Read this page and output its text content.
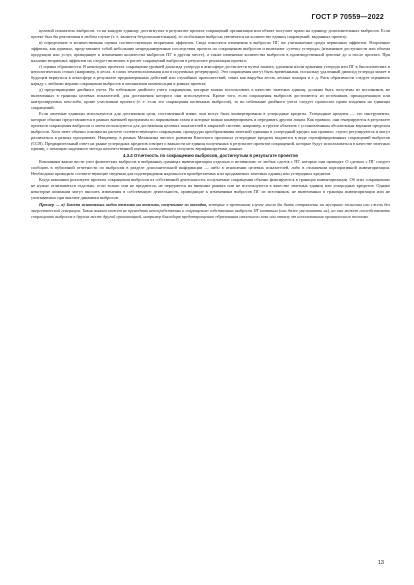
ГОСТ Р 70559—2022

целевой показатель выбросов, то на каждую единицу достигнутых в результате проекта сокращений организация или объект получает право на единицу дополнительных выбросов. Если проект был бы реализован в любом случае (т. е. является бездополнительным), то глобальные выбросы увеличатся на количество единиц сокращений, выданных проекту;

в) определение и количественная оценка соответствующих вторичных эффектов. Сюда относятся изменения в выбросах ПГ, же учитываемые среди первичных эффектов. Вторичные эффекты, как правило, представляют собой небольшие непреднамеренные последствия проекта по сокращению выбросов и включают «утечку углерода» (изменение доступности или объема продукции или услуг, приводящее к изменению количества выбросов ПГ в другом месте), а также изменение количества выбросов в производственной цепочке до и после проекта. При наличии вторичных эффектов их следует включать в расчет сокращений выбросов в результате реализации проекта;

г) оценка обратимости. В некоторых проектах сокращение уровней диоксида углерода в атмосфере достигается путем захвата, удаления и/или хранения углерода или ПГ в биологических и неиологических стоках (например, в лесах, в слоях землепользования или в подземных резервуарах). Эти сокращения могут быть временными, поскольку удаленный диоксид углерода может в будущем вернуться в атмосферу в результате преднамеренных действий или случайных происшествий, таких как вырубка лесов, лесные пожары и т. д. Риск обратимости следует оценивать наряду с любыми мерами сокращения выбросов и механизмов компенсации в рамках проекта;

д) предотвращение двойного учета. Во избежание двойного учета сокращения, которые можно использовать в качестве зачетных единиц, должны быть получены из источников, не включенных в границы целевых показателей, для достижения которого они используются. Кроме того, если сокращения выбросов достигаются из источников, принадлежащих или контролируемых кем-либо, кроме участников проекта (т. е. если это сокращения косвенных выбросов), то во избежание двойного учета следует прописать права владения на единицы сокращений.

Если зачетные единицы используются для достижения цели, поставленной извне, они могут быть конвертированы в углеродные кредиты. Углеродные кредиты — это инструменты, которые обычно представляются в рамках внешней программы по парниковым газам и которые можно конвертировать и передавать другим лицам. Как правило, они генерируются в результате проектов сокращения выбросов и затем используются для достижения целевых показателей в закрытой системе, например, в группе объектов с установленным абсолютным верхним пределом выбросов. Хотя зачет обычно основан на расчете соответствующего сокращения, процедуры преобразования зачетной единицы в углеродный кредит, как правило, строго регулируются и могут различаться в разных программах. Например, в рамках Механизма чистого развития Киотского протокола углеродные кредиты выдаются в виде сертифицированных сокращений выбросов (ССВ). Предварительный ответ на рынке углеродных кредитов говорит о важности не единиц полученных в результате проектов сокращений, которые будут использоваться в качестве зачетных единиц, с помощью надежного метода количественной оценки, позволяющего получить верифицируемые данные.

4.3.4 Отчетность по сокращению выбросов, достигнутым в результате проектов

Компаниям важно вести учет физических выбросов в выбранных границах инвентаризации отдельно и независимо от любых сделок с ПГ, которые они проводят. О сделках с ПГ следует сообщать в публичной отчетности по выбросам в разделе дополнительной информации — либо в отношении целевых показателей, либо в отношении корпоративной инвентаризации. Необходимо приводить соответствующие сведения для подтверждения надежности приобретаемых или продаваемых зачетных единиц или углеродных кредитов.

Когда компании реализуют проекты сокращения выбросов из собственной деятельности, получаемые сокращения обычно фиксируются в границах инвентаризации. Об этих сокращениях не нужно отчитываться отдельно, если только они не продаются, не передаются на внешних рынках или не используются в качестве зачетных единиц или углеродных кредитов. Однако некоторые компании могут вносить изменения в собственную деятельность, приводящие к изменениям выбросов ПГ из источников, не включенных в границы инвентаризации или не учитываемых при анализе динамики выбросов.

Пример — а) Замена ископаемых видов топлива на топливо, полученное из отходов, которые в противном случае могли бы быть отправлены на мусорные полигоны или сжечь без энергетической генерации. Такая замена может не проходить непосредственно к сокращению собственных выбросов ПГ компании (или даже увеличивать их), но она может способствовать сокращению выбросов в другом месте другой организацией, например благодаря предотвращению образования свалочного газа или отказу от использования органического топлива.

13
